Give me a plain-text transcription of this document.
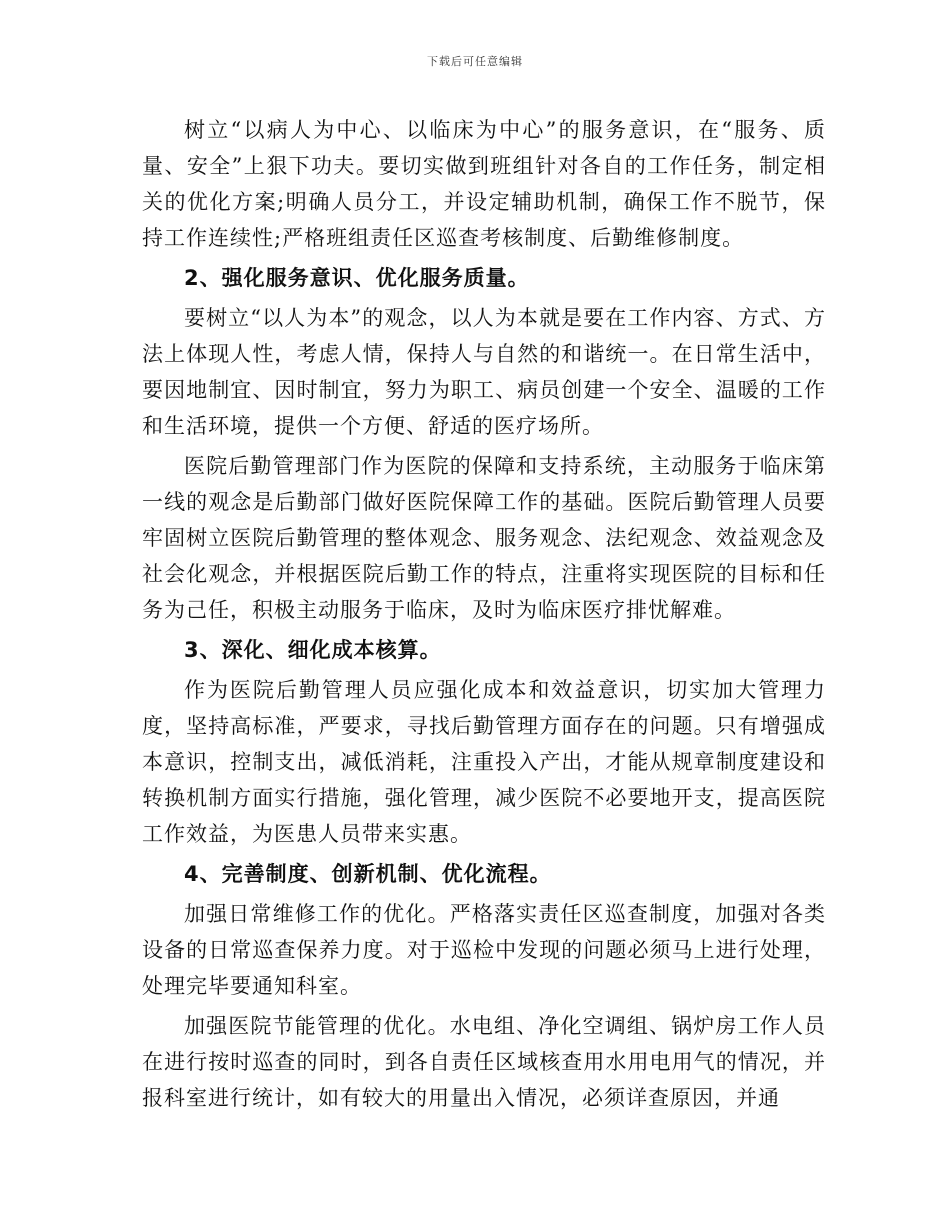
下载后可任意编辑

树立“以病人为中心、以临床为中心”的服务意识，在“服务、质量、安全”上狠下功夫。要切实做到班组针对各自的工作任务，制定相关的优化方案;明确人员分工，并设定辅助机制，确保工作不脱节，保持工作连续性;严格班组责任区巡查考核制度、后勤维修制度。

2、强化服务意识、优化服务质量。

要树立“以人为本”的观念，以人为本就是要在工作内容、方式、方法上体现人性，考虑人情，保持人与自然的和谐统一。在日常生活中，要因地制宜、因时制宜，努力为职工、病员创建一个安全、温暖的工作和生活环境，提供一个方便、舒适的医疗场所。

医院后勤管理部门作为医院的保障和支持系统，主动服务于临床第一线的观念是后勤部门做好医院保障工作的基础。医院后勤管理人员要牢固树立医院后勤管理的整体观念、服务观念、法纪观念、效益观念及社会化观念，并根据医院后勤工作的特点，注重将实现医院的目标和任务为己任，积极主动服务于临床，及时为临床医疗排忧解难。

3、深化、细化成本核算。

作为医院后勤管理人员应强化成本和效益意识，切实加大管理力度，坚持高标准，严要求，寻找后勤管理方面存在的问题。只有增强成本意识，控制支出，减低消耗，注重投入产出，才能从规章制度建设和转换机制方面实行措施，强化管理，减少医院不必要地开支，提高医院工作效益，为医患人员带来实惠。

4、完善制度、创新机制、优化流程。

加强日常维修工作的优化。严格落实责任区巡查制度，加强对各类设备的日常巡查保养力度。对于巡检中发现的问题必须马上进行处理，处理完毕要通知科室。

加强医院节能管理的优化。水电组、净化空调组、锅炉房工作人员在进行按时巡查的同时，到各自责任区域核查用水用电用气的情况，并报科室进行统计，如有较大的用量出入情况，必须详查原因，并通
